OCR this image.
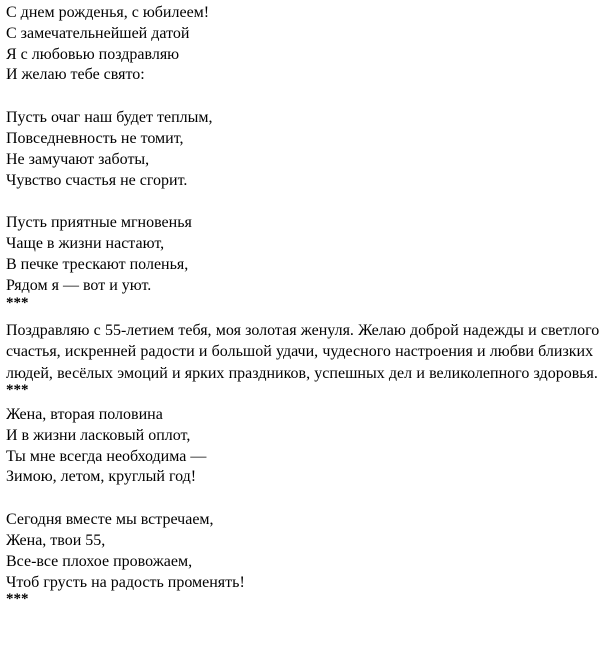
С днем рожденья, с юбилеем!
С замечательнейшей датой
Я с любовью поздравляю
И желаю тебе свято:
Пусть очаг наш будет теплым,
Повседневность не томит,
Не замучают заботы,
Чувство счастья не сгорит.
Пусть приятные мгновенья
Чаще в жизни настают,
В печке трескают поленья,
Рядом я — вот и уют.
***
Поздравляю с 55-летием тебя, моя золотая женуля. Желаю доброй надежды и светлого счастья, искренней радости и большой удачи, чудесного настроения и любви близких людей, весёлых эмоций и ярких праздников, успешных дел и великолепного здоровья.
***
Жена, вторая половина
И в жизни ласковый оплот,
Ты мне всегда необходима —
Зимою, летом, круглый год!
Сегодня вместе мы встречаем,
Жена, твои 55,
Все-все плохое провожаем,
Чтоб грусть на радость променять!
***
